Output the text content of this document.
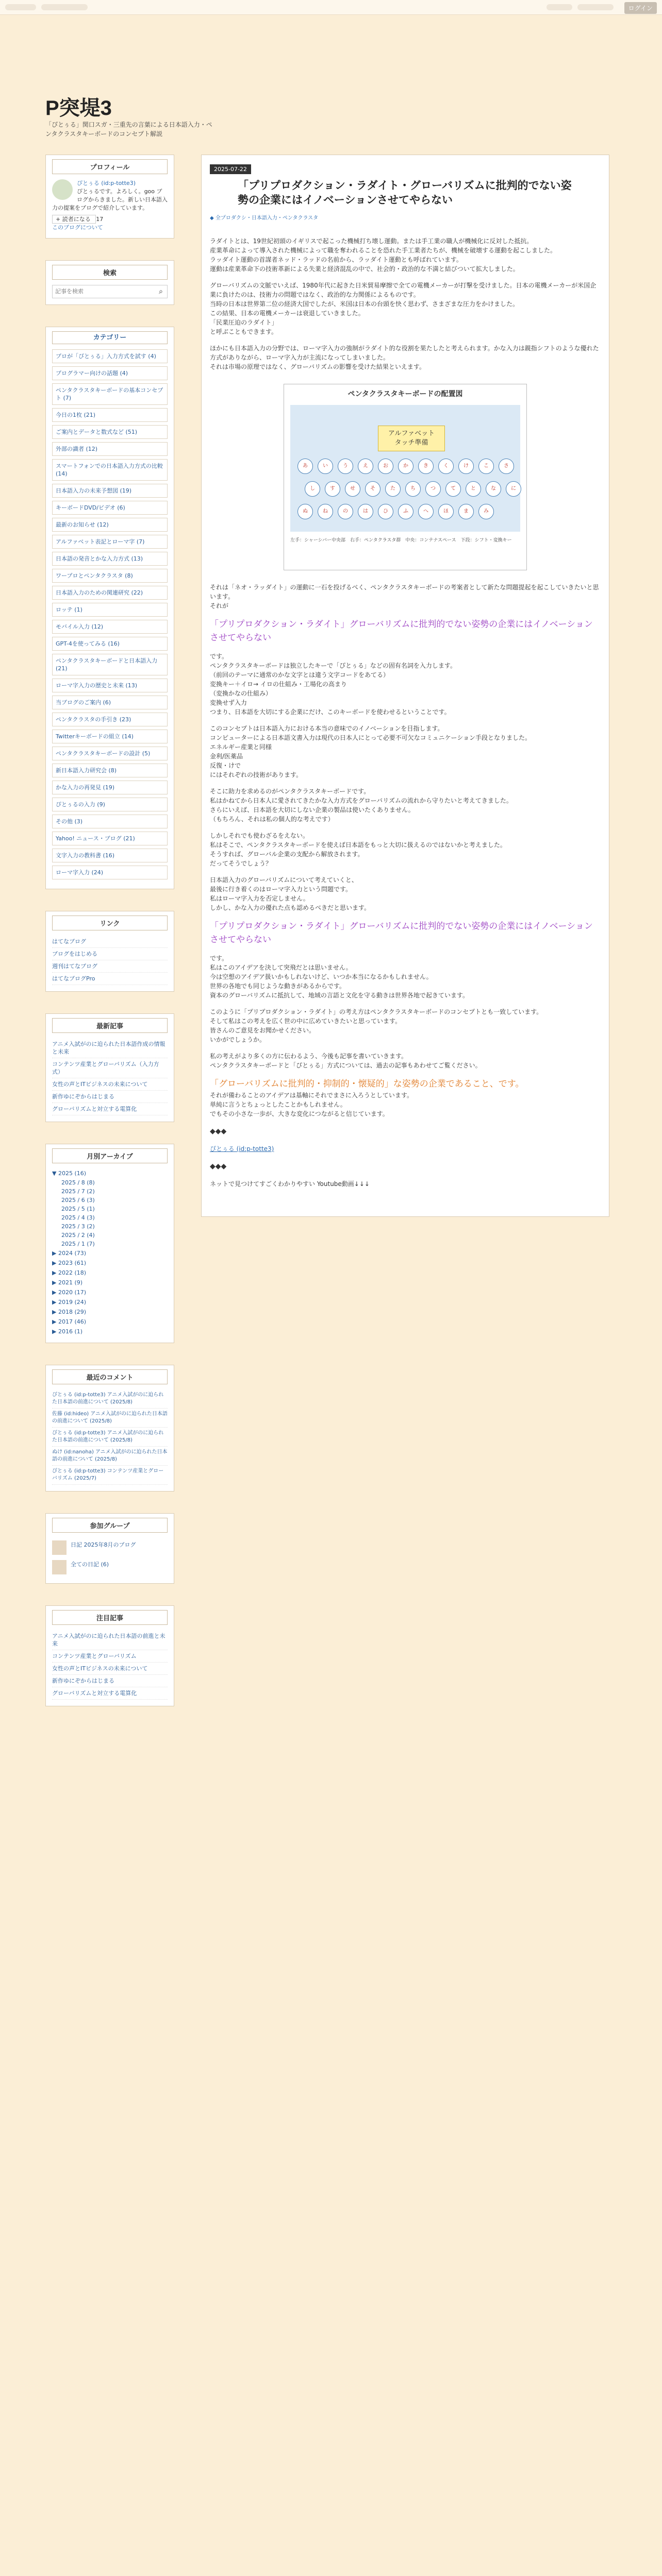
ログイン
P突堤3
「ぴとぅる」関口スガ・三重先の言葉による日本語入力・ペンタクラスタキーボードのコンセプト解説
プロフィール
ぴとぅる (id:p-totte3)
ぴとぅるです。よろしく。goo ブログからきました。新しい日本語入力の提案をブログで紹介しています。
+ 読者になる 17
このブログについて
検索
記事を検索
⌕
カテゴリー
プロが「ぴとぅる」入力方式を試す (4)
プログラマー向けの話題 (4)
ペンタクラスタキーボードの基本コンセプト (7)
今日の1枚 (21)
ご案内とデータと数式など (51)
外部の識者 (12)
スマートフォンでの日本語入力方式の比較 (14)
日本語入力の未来予想図 (19)
キーボードDVD/ビデオ (6)
最新のお知らせ (12)
アルファベット表記とローマ字 (7)
日本語の発音とかな入力方式 (13)
ワープロとペンタクラスタ (8)
日本語入力のための関連研究 (22)
ロッテ (1)
モバイル入力 (12)
GPT-4を使ってみる (16)
ペンタクラスタキーボードと日本語入力 (21)
ローマ字入力の歴史と未来 (13)
当ブログのご案内 (6)
ペンタクラスタの手引き (23)
Twitterキーボードの組立 (14)
ペンタクラスタキーボードの設計 (5)
新日本語入力研究会 (8)
かな入力の再発見 (19)
ぴとぅるの入力 (9)
その他 (3)
Yahoo! ニュース・ブログ (21)
文字入力の教科書 (16)
ローマ字入力 (24)
リンク
はてなブログ
ブログをはじめる
週刊はてなブログ
はてなブログPro
最新記事
アニメ入試がのに迫られた日本語作成の情報と未来
コンテンツ産業とグローバリズム（入力方式）
女性の声とITビジネスの未来について
新作ゆにぞからはじまる
グローバリズムと対立する電算化
月別アーカイブ
▼ 2025 (16)
2025 / 8 (8)
2025 / 7 (2)
2025 / 6 (3)
2025 / 5 (1)
2025 / 4 (3)
2025 / 3 (2)
2025 / 2 (4)
2025 / 1 (7)
▶ 2024 (73)
▶ 2023 (61)
▶ 2022 (18)
▶ 2021 (9)
▶ 2020 (17)
▶ 2019 (24)
▶ 2018 (29)
▶ 2017 (46)
▶ 2016 (1)
最近のコメント
ぴとぅる (id:p-totte3) アニメ入試がのに迫られた日本語の前進について (2025/8)
佐藤 (id:hideo) アニメ入試がのに迫られた日本語の前進について (2025/8)
ぴとぅる (id:p-totte3) アニメ入試がのに迫られた日本語の前進について (2025/8)
ぬけ (id:nanoha) アニメ入試がのに迫られた日本語の前進について (2025/8)
ぴとぅる (id:p-totte3) コンテンツ産業とグローバリズム (2025/7)
参加グループ
日記 2025年8月のブログ
全ての日記 (6)
注目記事
アニメ入試がのに迫られた日本語の前進と未来
コンテンツ産業とグローバリズム
女性の声とITビジネスの未来について
新作ゆにぞからはじまる
グローバリズムと対立する電算化
2025-07-22
「プリプロダクション・ラダイト・グローバリズムに批判的でない姿勢の企業にはイノベーションさせてやらない
◆ 全プロダクシ・日本語入力・ペンタクラスタ

ラダイトとは、19世紀初頭のイギリスで起こった機械打ち壊し運動。または手工業の職人が機械化に反対した抵抗。
産業革命によって導入された機械によって職を奪われることを恐れた手工業者たちが、機械を破壊する運動を起こしました。
ラッダイト運動の首謀者ネッド・ラッドの名前から、ラッダイト運動とも呼ばれています。
運動は産業革命下の技術革新による失業と経済混乱の中で、社会的・政治的な不満と結びついて拡大しました。

グローバリズムの文脈でいえば、1980年代に起きた日米貿易摩擦で全ての電機メーカーが打撃を受けました。日本の電機メーカーが米国企業に負けたのは、技術力の問題ではなく、政治的な力関係によるものです。
当時の日本は世界第二位の経済大国でしたが、米国は日本の台頭を快く思わず、さまざまな圧力をかけました。
この結果、日本の電機メーカーは衰退していきました。
「民業圧迫のラダイト」
と呼ぶこともできます。

ほかにも日本語入力の分野では、ローマ字入力の強制がラダイト的な役割を果たしたと考えられます。かな入力は親指シフトのような優れた方式がありながら、ローマ字入力が主流になってしまいました。
それは市場の原理ではなく、グローバリズムの影響を受けた結果といえます。

ペンタクラスタキーボードの配置図
アルファベット
タッチ準備
あ	い	う	え	お	か	き	く	け	こ	さ
し	す	せ	そ	た	ち	つ	て	と	な	に
ぬ	ね	の	は	ひ	ふ	へ	ほ	ま	み
左手：シャーシバー中央部　右手：ペンタクラスタ群　中央：コンテナスペース　下段：シフト・変換キー

それは「ネオ・ラッダイト」の運動に一石を投げるべく、ペンタクラスタキーボードの考案者として新たな問題提起を起こしていきたいと思います。
それが

「プリプロダクション・ラダイト」グローバリズムに批判的でない姿勢の企業にはイノベーションさせてやらない

です。
ペンタクラスタキーボードは独立したキーで「ぴとぅる」などの固有名詞を入力します。
（前回のテーマに通常のかな文字とは違う文字コードをあてる）
変換キー＋イロ→ イロの仕組み・工場化の高まり
（変換かなの仕組み）
変換せず入力
つまり、日本語を大切にする企業にだけ、このキーボードを使わせるということです。

このコンセプトは日本語入力における本当の意味でのイノベーションを目指します。
コンピューターによる日本語文書入力は現代の日本人にとって必要不可欠なコミュニケーション手段となりました。
エネルギー産業と同様
金利/医薬品
反復・けで
にはそれぞれの技術があります。

そこに助力を求めるのがペンタクラスタキーボードです。
私はかねてから日本人に愛されてきたかな入力方式をグローバリズムの流れから守りたいと考えてきました。
さらにいえば、日本語を大切にしない企業の製品は使いたくありません。
（もちろん、それは私の個人的な考えです）

しかしそれでも使わざるをえない。
私はそこで、ペンタクラスタキーボードを使えば日本語をもっと大切に扱えるのではないかと考えました。
そうすれば、グローバル企業の支配から解放されます。
だってそうでしょう？

日本語入力のグローバリズムについて考えていくと、
最後に行き着くのはローマ字入力という問題です。
私はローマ字入力を否定しません。
しかし、かな入力の優れた点も認めるべきだと思います。

「プリプロダクション・ラダイト」グローバリズムに批判的でない姿勢の企業にはイノベーションさせてやらない

です。
私はこのアイデアを決して突飛だとは思いません。
今は空想のアイデア扱いかもしれないけど、いつか本当になるかもしれません。
世界の各地でも同じような動きがあるからです。
資本のグローバリズムに抵抗して、地域の言語と文化を守る動きは世界各地で起きています。

このように「プリプロダクション・ラダイト」の考え方はペンタクラスタキーボードのコンセプトとも一致しています。
そして私はこの考えを広く世の中に広めていきたいと思っています。
皆さんのご意見をお聞かせください。
いかがでしょうか。

私の考えがより多くの方に伝わるよう、今後も記事を書いていきます。
ペンタクラスタキーボードと「ぴとぅる」方式については、過去の記事もあわせてご覧ください。

「グローバリズムに批判的・抑制的・懐疑的」な姿勢の企業であること、です。

それが備わることのアイデアは基軸にそれでまさに入ろうとしています。
単純に言うとちょっとしたことかもしれません。
でもその小さな一歩が、大きな変化につながると信じています。

◆◆◆

ぴとぅる (id:p-totte3)

◆◆◆

ネットで見つけてすごくわかりやすい Youtube動画↓↓↓
